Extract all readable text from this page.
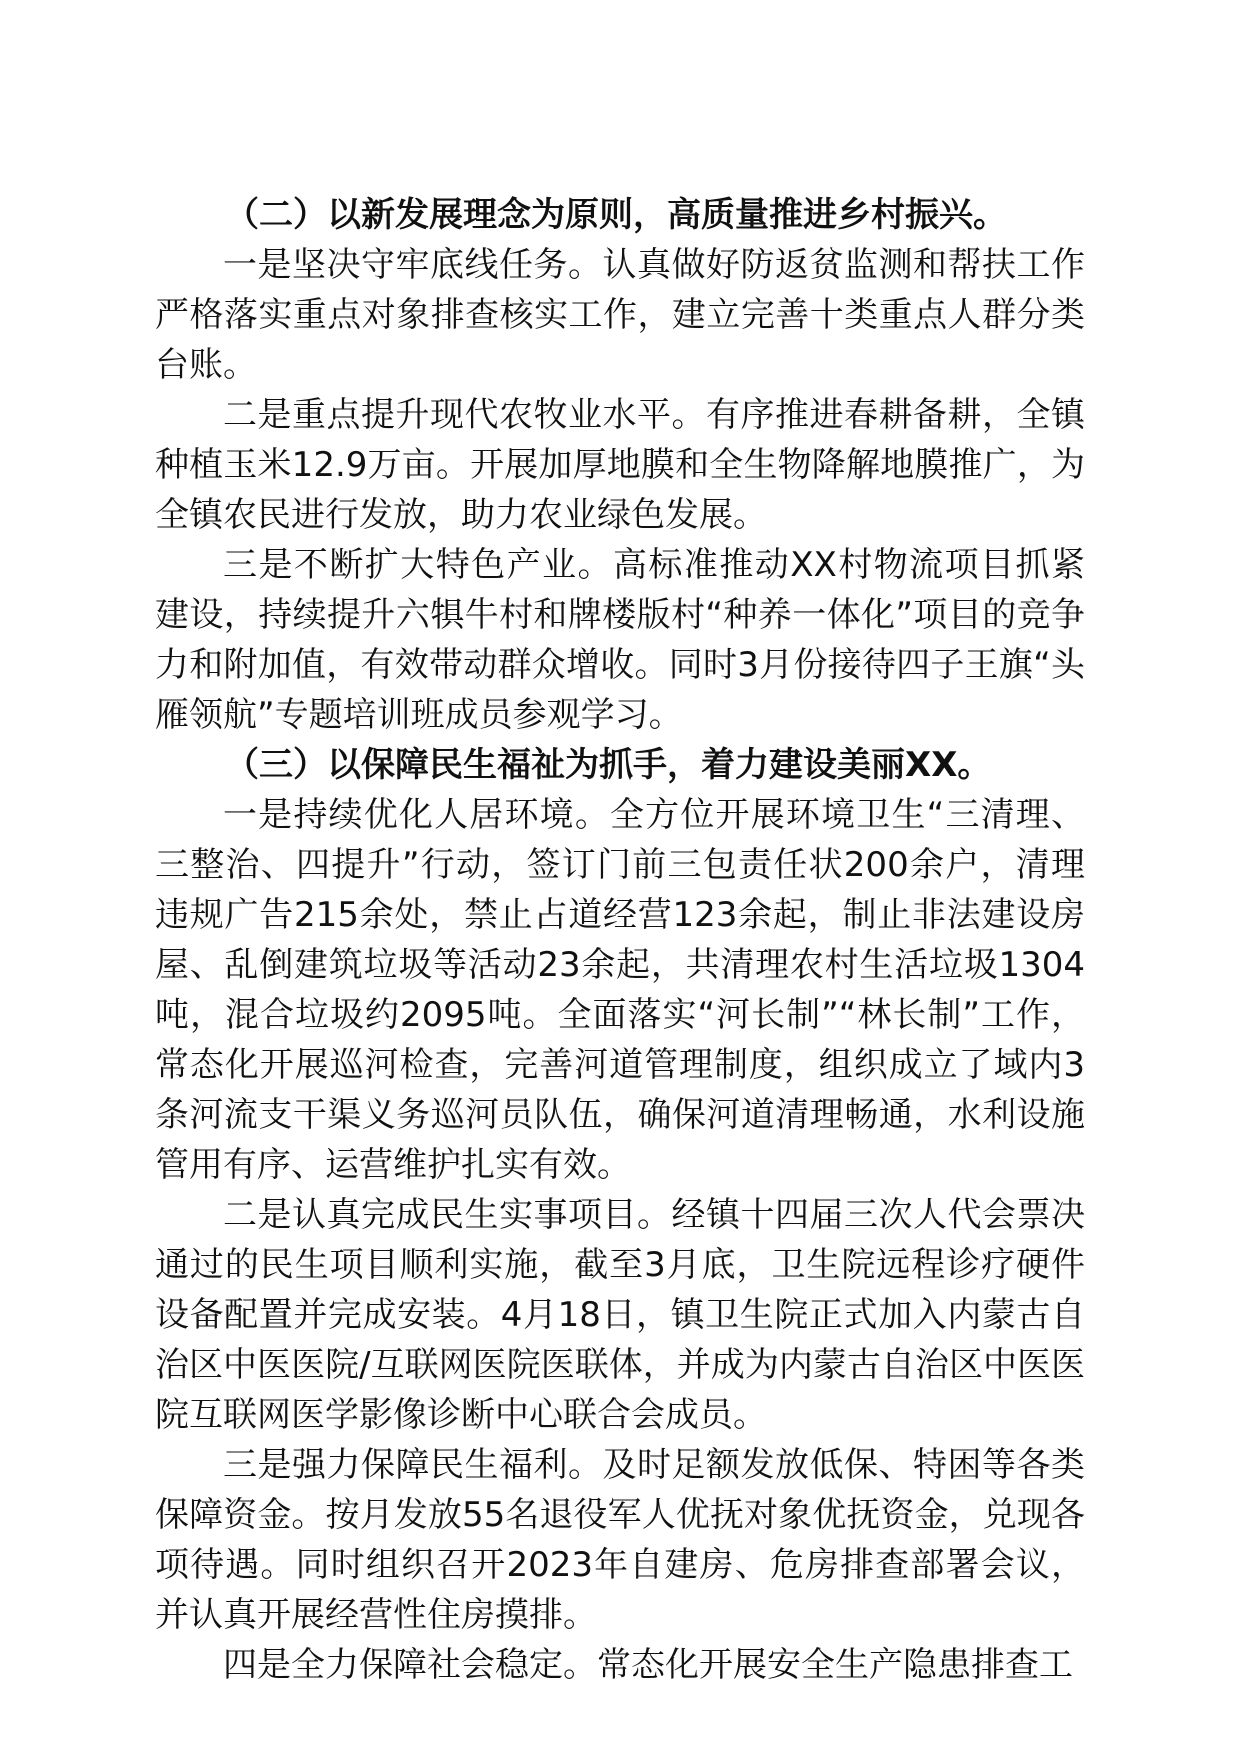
（二）以新发展理念为原则，高质量推进乡村振兴。

一是坚决守牢底线任务。认真做好防返贫监测和帮扶工作严格落实重点对象排查核实工作，建立完善十类重点人群分类台账。

二是重点提升现代农牧业水平。有序推进春耕备耕，全镇种植玉米12.9万亩。开展加厚地膜和全生物降解地膜推广，为全镇农民进行发放，助力农业绿色发展。

三是不断扩大特色产业。高标准推动XX村物流项目抓紧建设，持续提升六犋牛村和牌楼版村“种养一体化”项目的竞争力和附加值，有效带动群众增收。同时3月份接待四子王旗“头雁领航”专题培训班成员参观学习。

（三）以保障民生福祉为抓手，着力建设美丽XX。

一是持续优化人居环境。全方位开展环境卫生“三清理、三整治、四提升”行动，签订门前三包责任状200余户，清理违规广告215余处，禁止占道经营123余起，制止非法建设房屋、乱倒建筑垃圾等活动23余起，共清理农村生活垃圾1304吨，混合垃圾约2095吨。全面落实“河长制”“林长制”工作，常态化开展巡河检查，完善河道管理制度，组织成立了域内3条河流支干渠义务巡河员队伍，确保河道清理畅通，水利设施管用有序、运营维护扎实有效。

二是认真完成民生实事项目。经镇十四届三次人代会票决通过的民生项目顺利实施，截至3月底，卫生院远程诊疗硬件设备配置并完成安装。4月18日，镇卫生院正式加入内蒙古自治区中医医院/互联网医院医联体，并成为内蒙古自治区中医医院互联网医学影像诊断中心联合会成员。

三是强力保障民生福利。及时足额发放低保、特困等各类保障资金。按月发放55名退役军人优抚对象优抚资金，兑现各项待遇。同时组织召开2023年自建房、危房排查部署会议，并认真开展经营性住房摸排。

四是全力保障社会稳定。常态化开展安全生产隐患排查工
